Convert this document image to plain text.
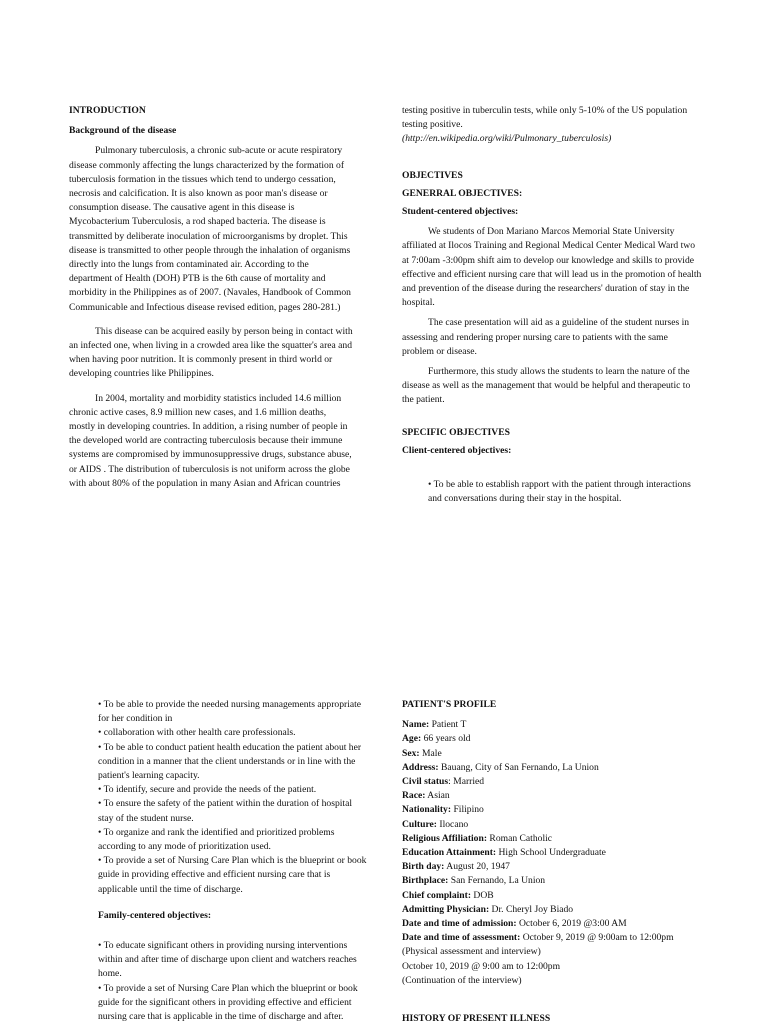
INTRODUCTION

Background of the disease

Pulmonary tuberculosis, a chronic sub-acute or acute respiratory disease commonly affecting the lungs characterized by the formation of tuberculosis formation in the tissues which tend to undergo cessation, necrosis and calcification. It is also known as poor man's disease or consumption disease. The causative agent in this disease is Mycobacterium Tuberculosis, a rod shaped bacteria. The disease is transmitted by deliberate inoculation of microorganisms by droplet. This disease is transmitted to other people through the inhalation of organisms directly into the lungs from contaminated air. According to the department of Health (DOH) PTB is the 6th cause of mortality and morbidity in the Philippines as of 2007. (Navales, Handbook of Common Communicable and Infectious disease revised edition, pages 280-281.)

This disease can be acquired easily by person being in contact with an infected one, when living in a crowded area like the squatter's area and when having poor nutrition. It is commonly present in third world or developing countries like Philippines.

In 2004, mortality and morbidity statistics included 14.6 million chronic active cases, 8.9 million new cases, and 1.6 million deaths, mostly in developing countries. In addition, a rising number of people in the developed world are contracting tuberculosis because their immune systems are compromised by immunosuppressive drugs, substance abuse, or AIDS . The distribution of tuberculosis is not uniform across the globe with about 80% of the population in many Asian and African countries

testing positive in tuberculin tests, while only 5-10% of the US population testing positive.

(http://en.wikipedia.org/wiki/Pulmonary_tuberculosis)

OBJECTIVES

GENERRAL OBJECTIVES:

Student-centered objectives:

We students of Don Mariano Marcos Memorial State University affiliated at Ilocos Training and Regional Medical Center Medical Ward two at 7:00am -3:00pm shift aim to develop our knowledge and skills to provide effective and efficient nursing care that will lead us in the promotion of health and prevention of the disease during the researchers' duration of stay in the hospital.

The case presentation will aid as a guideline of the student nurses in assessing and rendering proper nursing care to patients with the same problem or disease.

Furthermore, this study allows the students to learn the nature of the disease as well as the management that would be helpful and therapeutic to the patient.

SPECIFIC OBJECTIVES

Client-centered objectives:

• To be able to establish rapport with the patient through interactions and conversations during their stay in the hospital.

• To be able to provide the needed nursing managements appropriate for her condition in

• collaboration with other health care professionals.

• To be able to conduct patient health education the patient about her condition in a manner that the client understands or in line with the patient's learning capacity.

• To identify, secure and provide the needs of the patient.

• To ensure the safety of the patient within the duration of hospital stay of the student nurse.

• To organize and rank the identified and prioritized problems according to any mode of prioritization used.

• To provide a set of Nursing Care Plan which is the blueprint or book guide in providing effective and efficient nursing care that is applicable until the time of discharge.

Family-centered objectives:

• To educate significant others in providing nursing interventions within and after time of discharge upon client and watchers reaches home.

• To provide a set of Nursing Care Plan which the blueprint or book guide for the significant others in providing effective and efficient nursing care that is applicable in the time of discharge and after.

PATIENT'S PROFILE

Name: Patient T

Age: 66 years old

Sex: Male

Address: Bauang, City of San Fernando, La Union

Civil status: Married

Race: Asian

Nationality: Filipino

Culture: Ilocano

Religious Affiliation: Roman Catholic

Education Attainment: High School Undergraduate

Birth day: August 20, 1947

Birthplace: San Fernando, La Union

Chief complaint: DOB

Admitting Physician: Dr. Cheryl Joy Biado

Date and time of admission: October 6, 2019 @3:00 AM

Date and time of assessment: October 9, 2019 @ 9:00am to 12:00pm (Physical assessment and interview)

October 10, 2019 @ 9:00 am to 12:00pm

(Continuation of the interview)

HISTORY OF PRESENT ILLNESS
